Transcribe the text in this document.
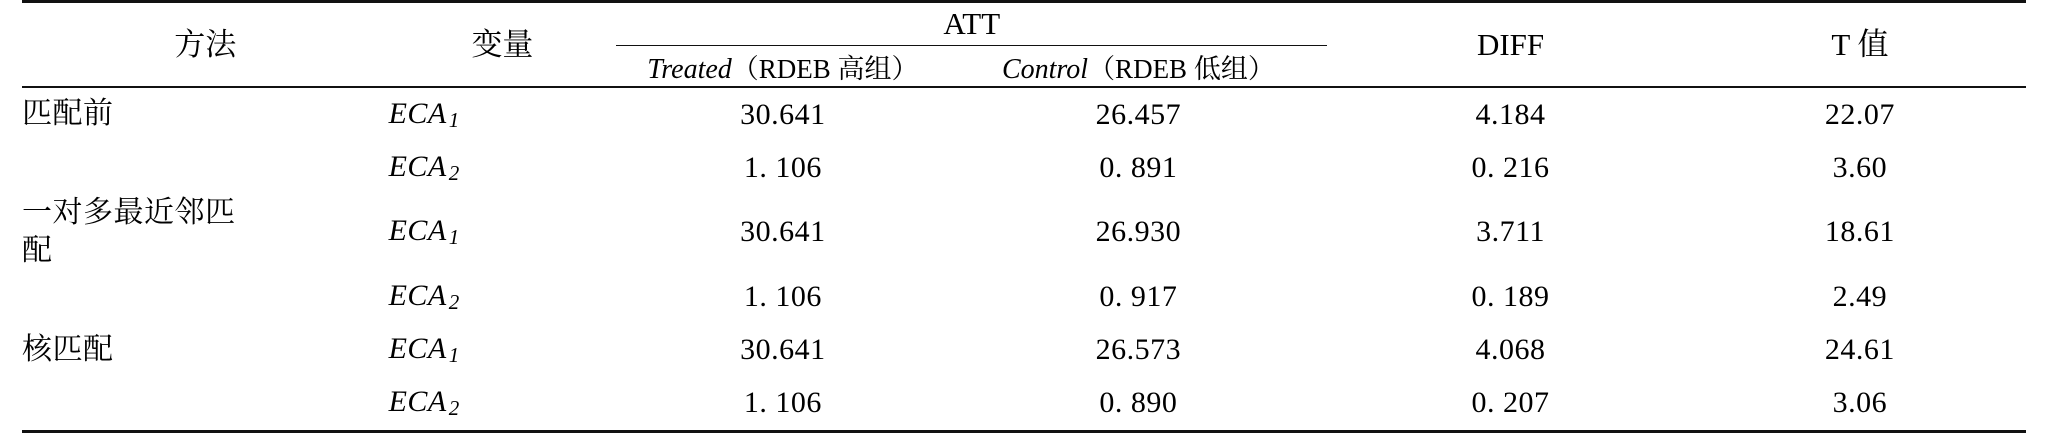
方法	变量	ATT		DIFF	T 值
		Treated（RDEB 高组）	Control（RDEB 低组）		

匹配前	ECA1	30.641	26.457	4.184	22.07

	ECA2	1. 106	0. 891	0. 216	3.60

一对多最近邻匹
配	ECA1	30.641	26.930	3.711	18.61

	ECA2	1. 106	0. 917	0. 189	2.49

核匹配	ECA1	30.641	26.573	4.068	24.61

	ECA2	1. 106	0. 890	0. 207	3.06
